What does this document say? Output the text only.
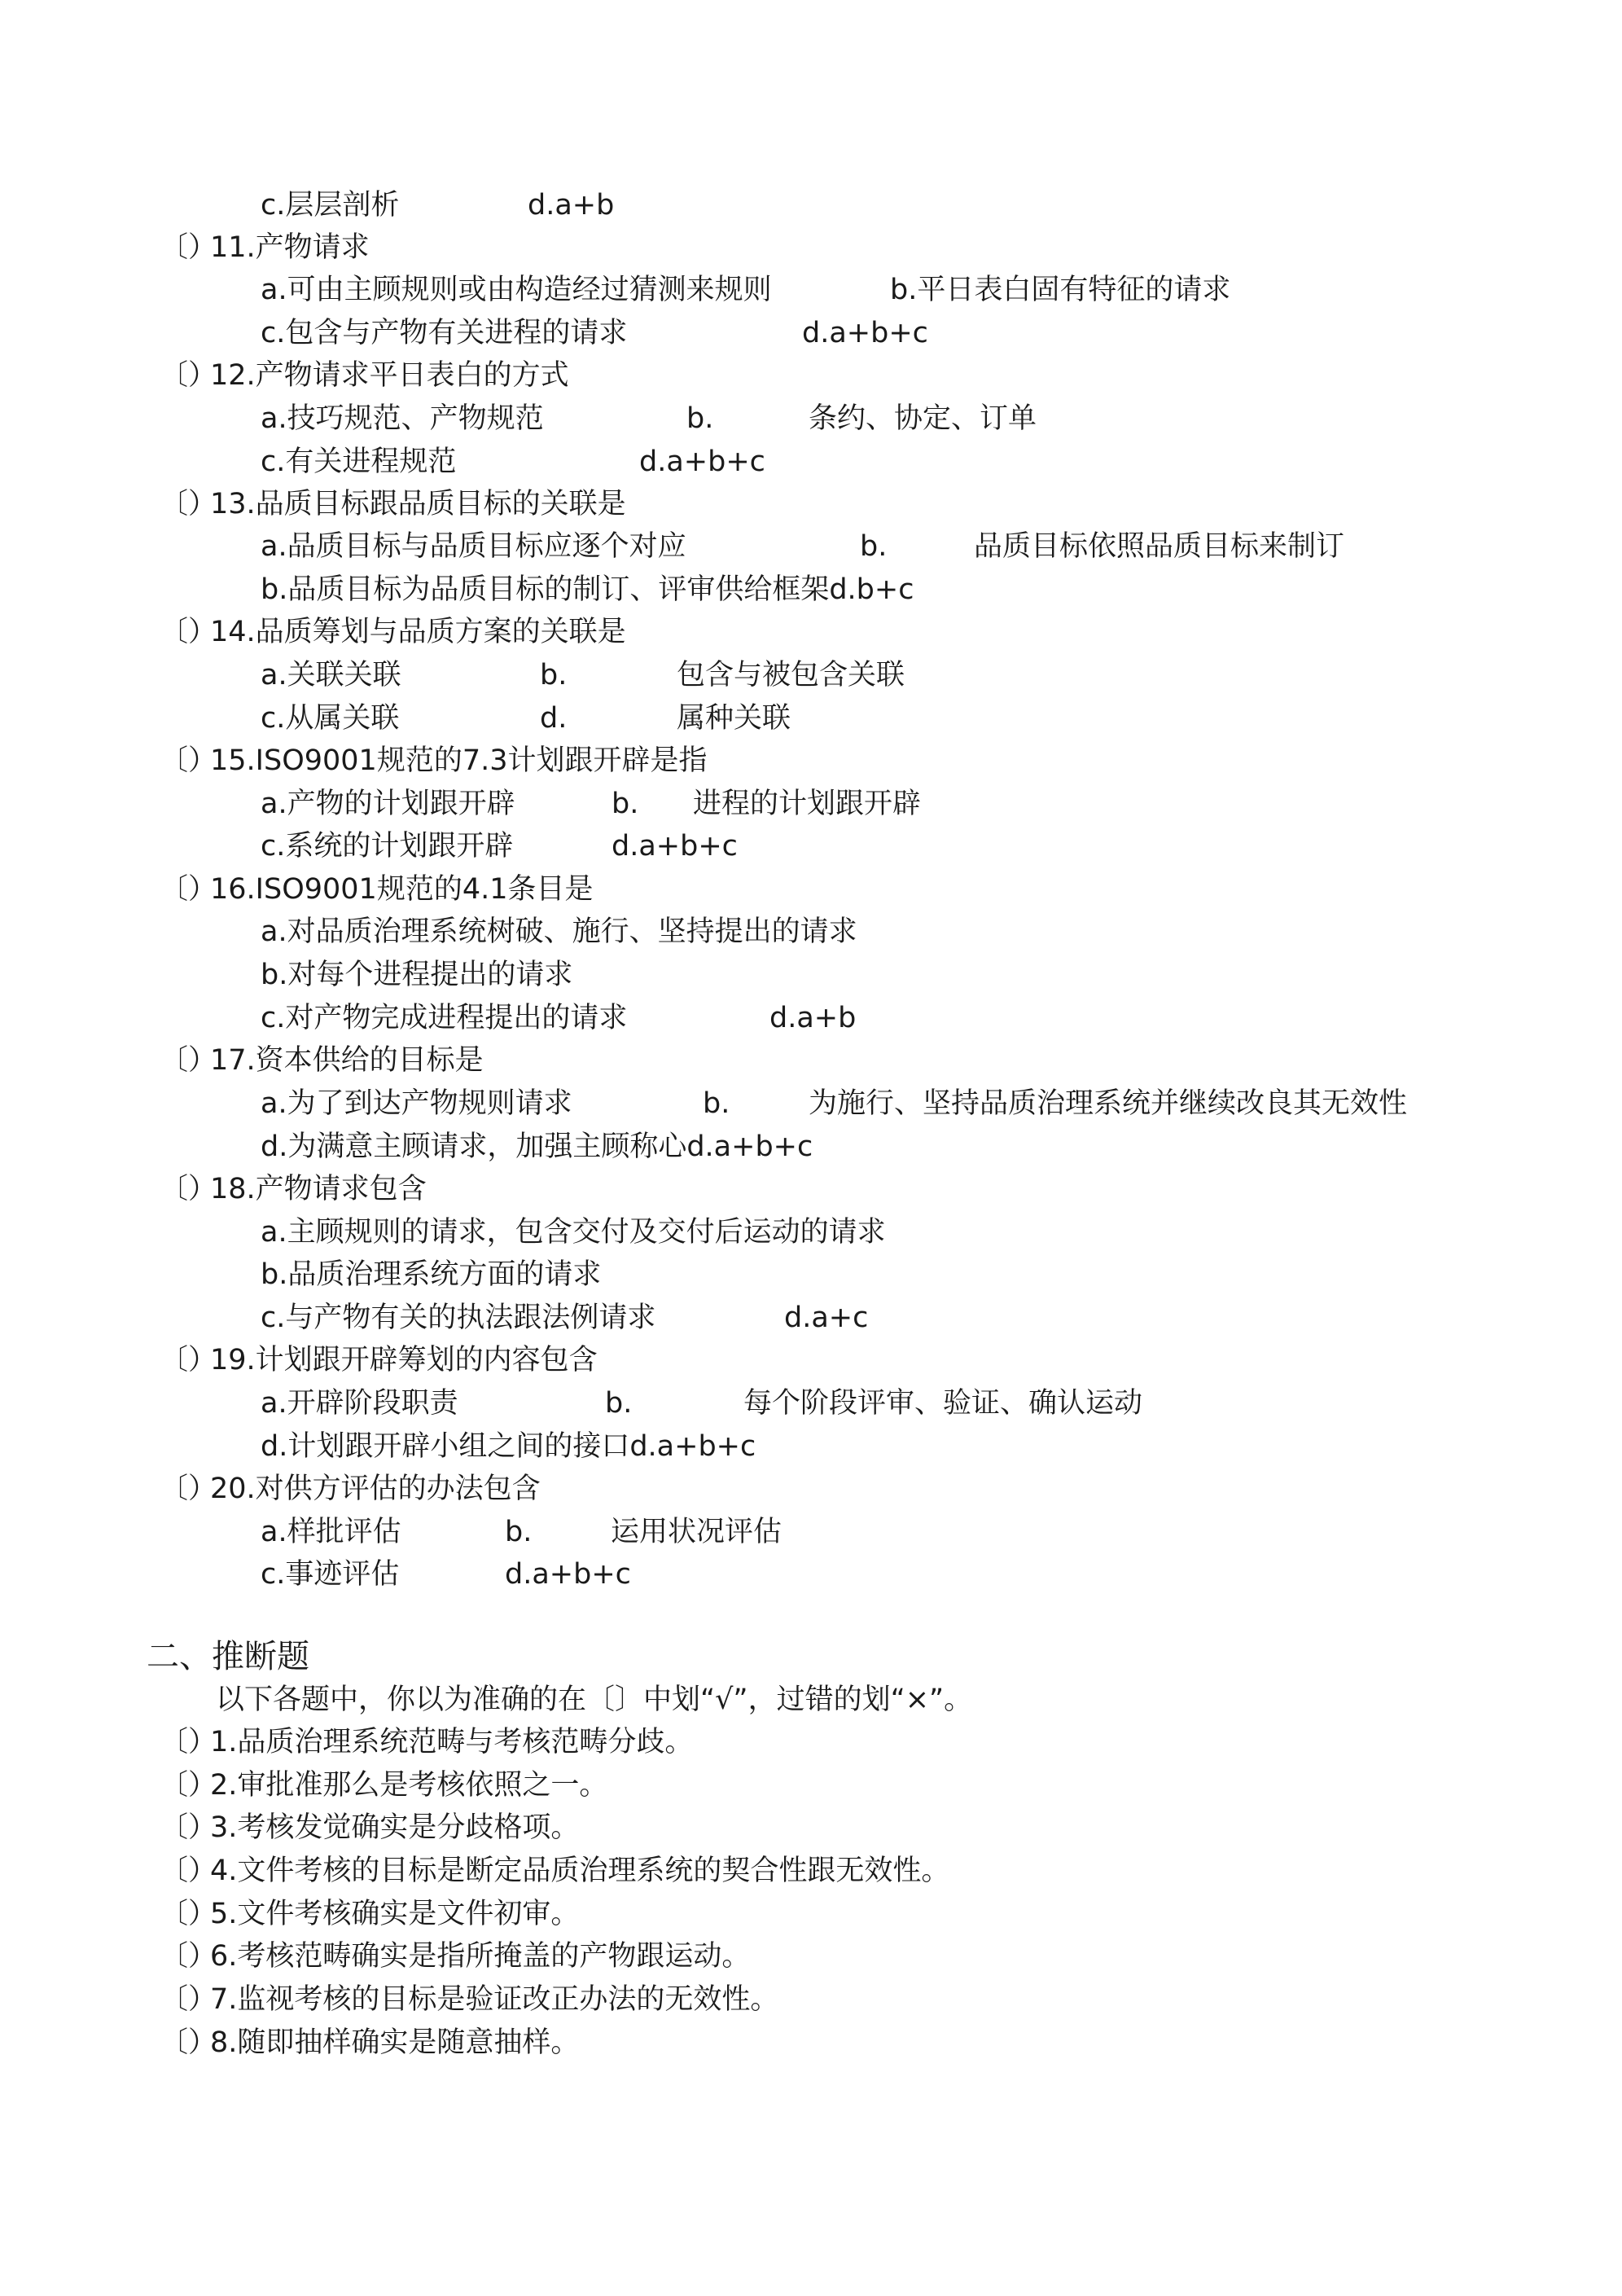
c.层层剖析	d.a+b
〔）
11.产物请求
a.可由主顾规则或由构造经过猜测来规则	b.平日表白固有特征的请求
c.包含与产物有关进程的请求	d.a+b+c
〔）
12.产物请求平日表白的方式
a.技巧规范、产物规范	b.	条约、协定、订单
c.有关进程规范	d.a+b+c
〔）
13.品质目标跟品质目标的关联是
a.品质目标与品质目标应逐个对应	b.	品质目标依照品质目标来制订
b.品质目标为品质目标的制订、评审供给框架d.b+c
〔）
14.品质筹划与品质方案的关联是
a.关联关联	b.	包含与被包含关联
c.从属关联	d.	属种关联
〔）
15.ISO9001规范的7.3计划跟开辟是指
a.产物的计划跟开辟	b. 进程的计划跟开辟
c.系统的计划跟开辟	d.a+b+c
〔）
16.ISO9001规范的4.1条目是
a.对品质治理系统树破、施行、坚持提出的请求
b.对每个进程提出的请求
c.对产物完成进程提出的请求	d.a+b
〔）
17.资本供给的目标是
a.为了到达产物规则请求	b.	为施行、坚持品质治理系统并继续改良其无效性
d.为满意主顾请求，加强主顾称心d.a+b+c
〔）
18.产物请求包含
a.主顾规则的请求，包含交付及交付后运动的请求
b.品质治理系统方面的请求
c.与产物有关的执法跟法例请求	d.a+c
〔）
19.计划跟开辟筹划的内容包含
a.开辟阶段职责	b.	每个阶段评审、验证、确认运动
d.计划跟开辟小组之间的接口d.a+b+c
〔）
20.对供方评估的办法包含
a.样批评估	b.	运用状况评估
c.事迹评估	d.a+b+c
二、推断题
以下各题中，你以为准确的在〔〕中划“√”，过错的划“×”。
〔）
1.品质治理系统范畴与考核范畴分歧。
〔）
2.审批准那么是考核依照之一。
〔）
3.考核发觉确实是分歧格项。
〔）
4.文件考核的目标是断定品质治理系统的契合性跟无效性。
〔）
5.文件考核确实是文件初审。
〔）
6.考核范畴确实是指所掩盖的产物跟运动。
〔）
7.监视考核的目标是验证改正办法的无效性。
〔）
8.随即抽样确实是随意抽样。
